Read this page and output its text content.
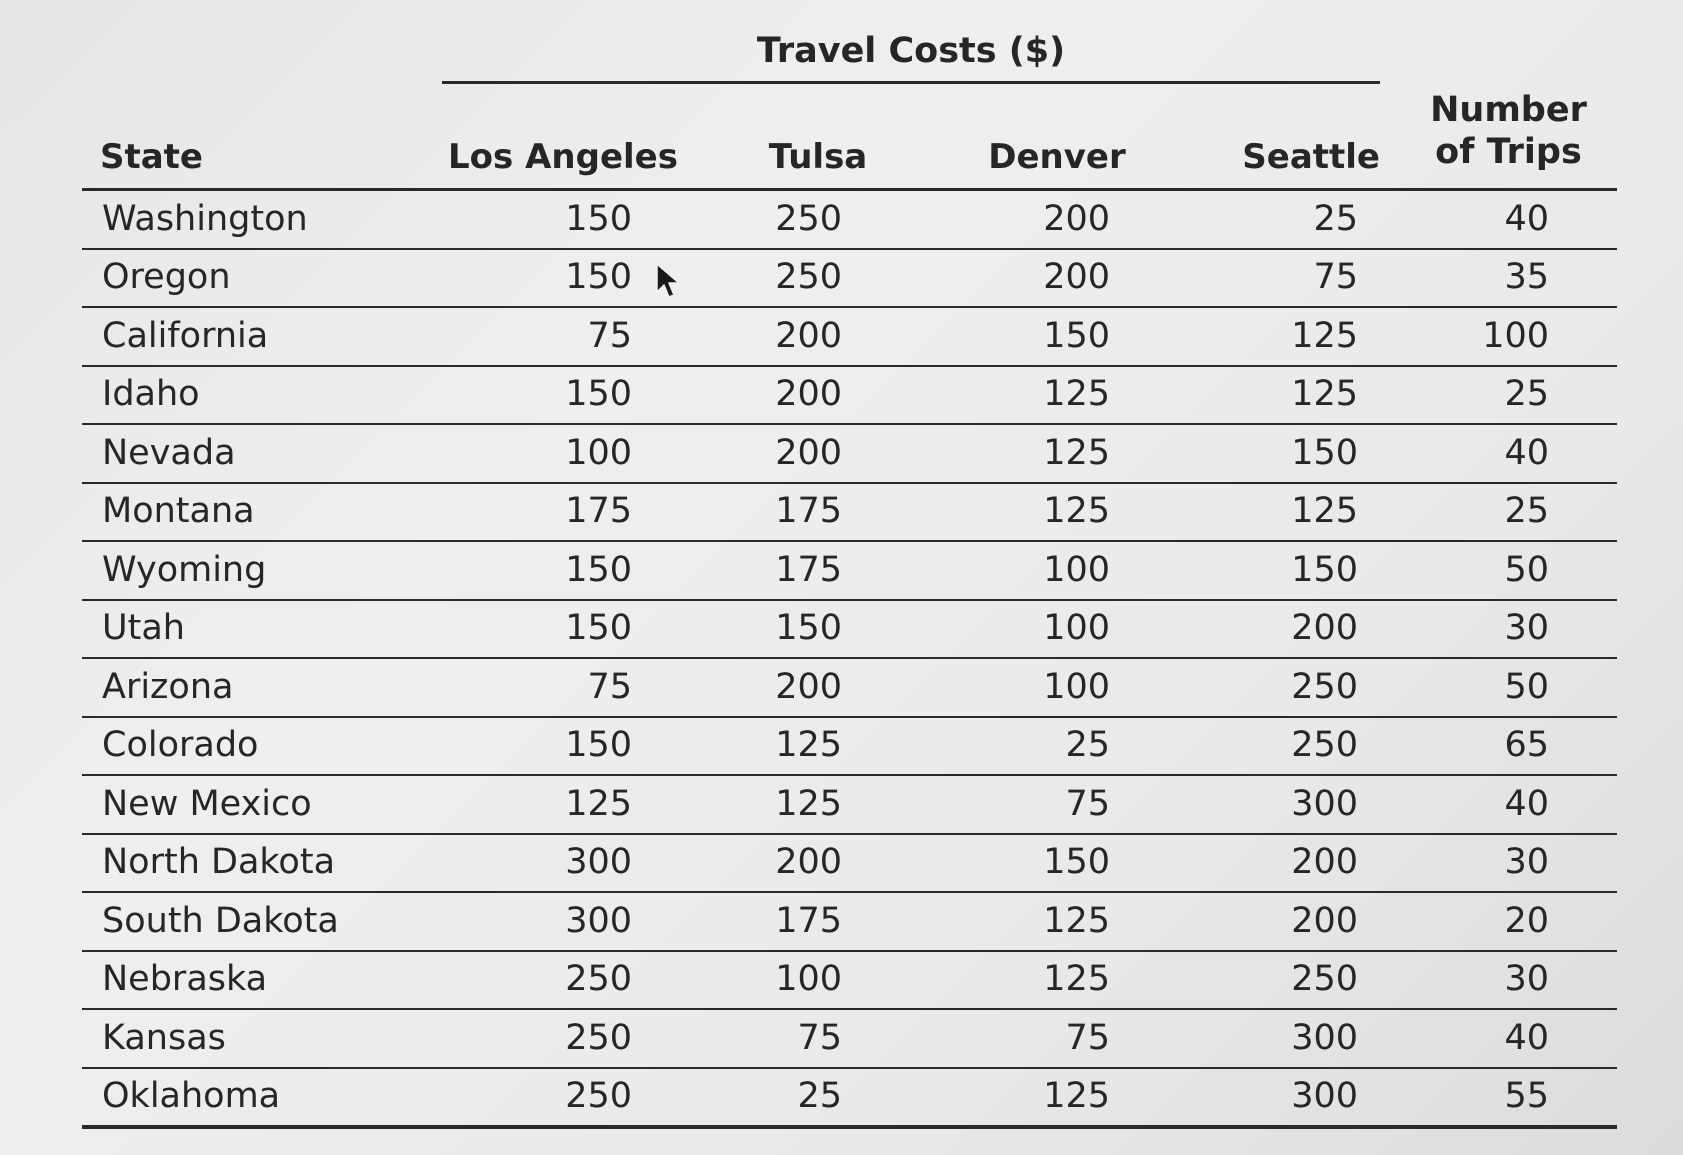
	Travel Costs ($)				Number
of Trips

State	Los Angeles	Tulsa	Denver	Seattle	
Washington	150	250	200	25	40
Oregon	150	250	200	75	35
California	75	200	150	125	100
Idaho	150	200	125	125	25
Nevada	100	200	125	150	40
Montana	175	175	125	125	25
Wyoming	150	175	100	150	50
Utah	150	150	100	200	30
Arizona	75	200	100	250	50
Colorado	150	125	25	250	65
New Mexico	125	125	75	300	40
North Dakota	300	200	150	200	30
South Dakota	300	175	125	200	20
Nebraska	250	100	125	250	30
Kansas	250	75	75	300	40
Oklahoma	250	25	125	300	55
